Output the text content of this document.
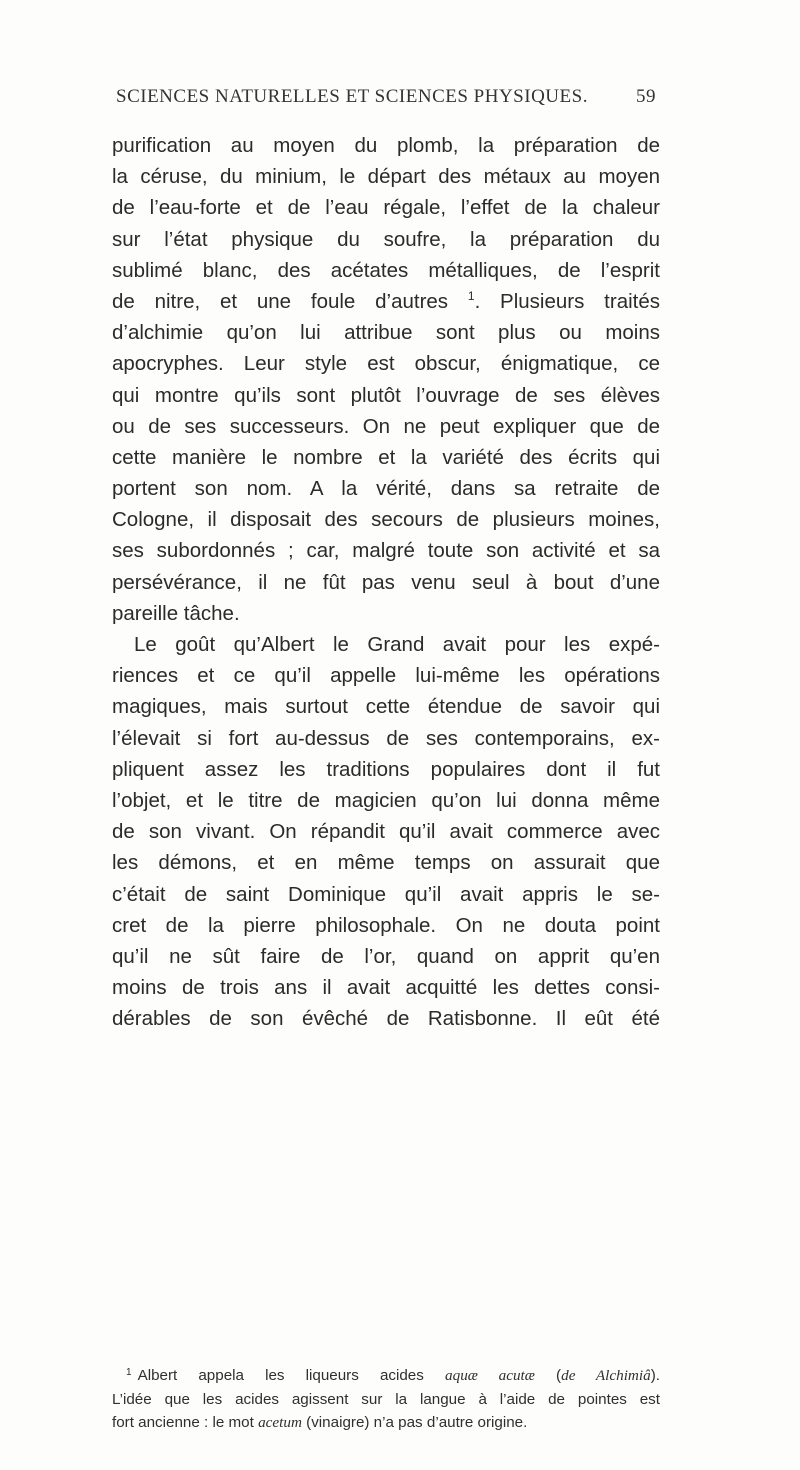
SCIENCES NATURELLES ET SCIENCES PHYSIQUES.	59
purification au moyen du plomb, la préparation de
la céruse, du minium, le départ des métaux au moyen
de l’eau-forte et de l’eau régale, l’effet de la chaleur
sur l’état physique du soufre, la préparation du
sublimé blanc, des acétates métalliques, de l’esprit
de nitre, et une foule d’autres $^1$. Plusieurs traités
d’alchimie qu’on lui attribue sont plus ou moins
apocryphes. Leur style est obscur, énigmatique, ce
qui montre qu’ils sont plutôt l’ouvrage de ses élèves
ou de ses successeurs. On ne peut expliquer que de
cette manière le nombre et la variété des écrits qui
portent son nom. A la vérité, dans sa retraite de
Cologne, il disposait des secours de plusieurs moines,
ses subordonnés ; car, malgré toute son activité et sa
persévérance, il ne fût pas venu seul à bout d’une
pareille tâche.
Le goût qu’Albert le Grand avait pour les expé-
riences et ce qu’il appelle lui-même les opérations
magiques, mais surtout cette étendue de savoir qui
l’élevait si fort au-dessus de ses contemporains, ex-
pliquent assez les traditions populaires dont il fut
l’objet, et le titre de magicien qu’on lui donna même
de son vivant. On répandit qu’il avait commerce avec
les démons, et en même temps on assurait que
c’était de saint Dominique qu’il avait appris le se-
cret de la pierre philosophale. On ne douta point
qu’il ne sût faire de l’or, quand on apprit qu’en
moins de trois ans il avait acquitté les dettes consi-
dérables de son évêché de Ratisbonne. Il eût été
$^1$ Albert appela les liqueurs acides aquæ acutæ (de Alchimiâ).
L’idée que les acides agissent sur la langue à l’aide de pointes est
fort ancienne : le mot acetum (vinaigre) n’a pas d’autre origine.
